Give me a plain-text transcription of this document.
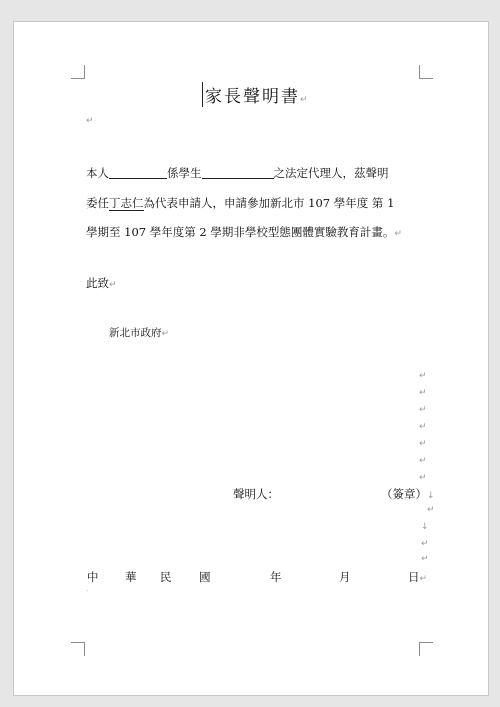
家長聲明書↵
↵
本人	係學生	之法定代理人，茲聲明
委任丁志仁為代表申請人，申請參加新北市 107 學年度 第 1
學期至 107 學年度第 2 學期非學校型態團體實驗教育計畫。↵
此致↵
新北市政府↵
↵
↵
↵
↵
↵
↵
↵
聲明人：	（簽章）↓
↵
↓
↵
↵
中 華 民 國	年	月	日↵
·
